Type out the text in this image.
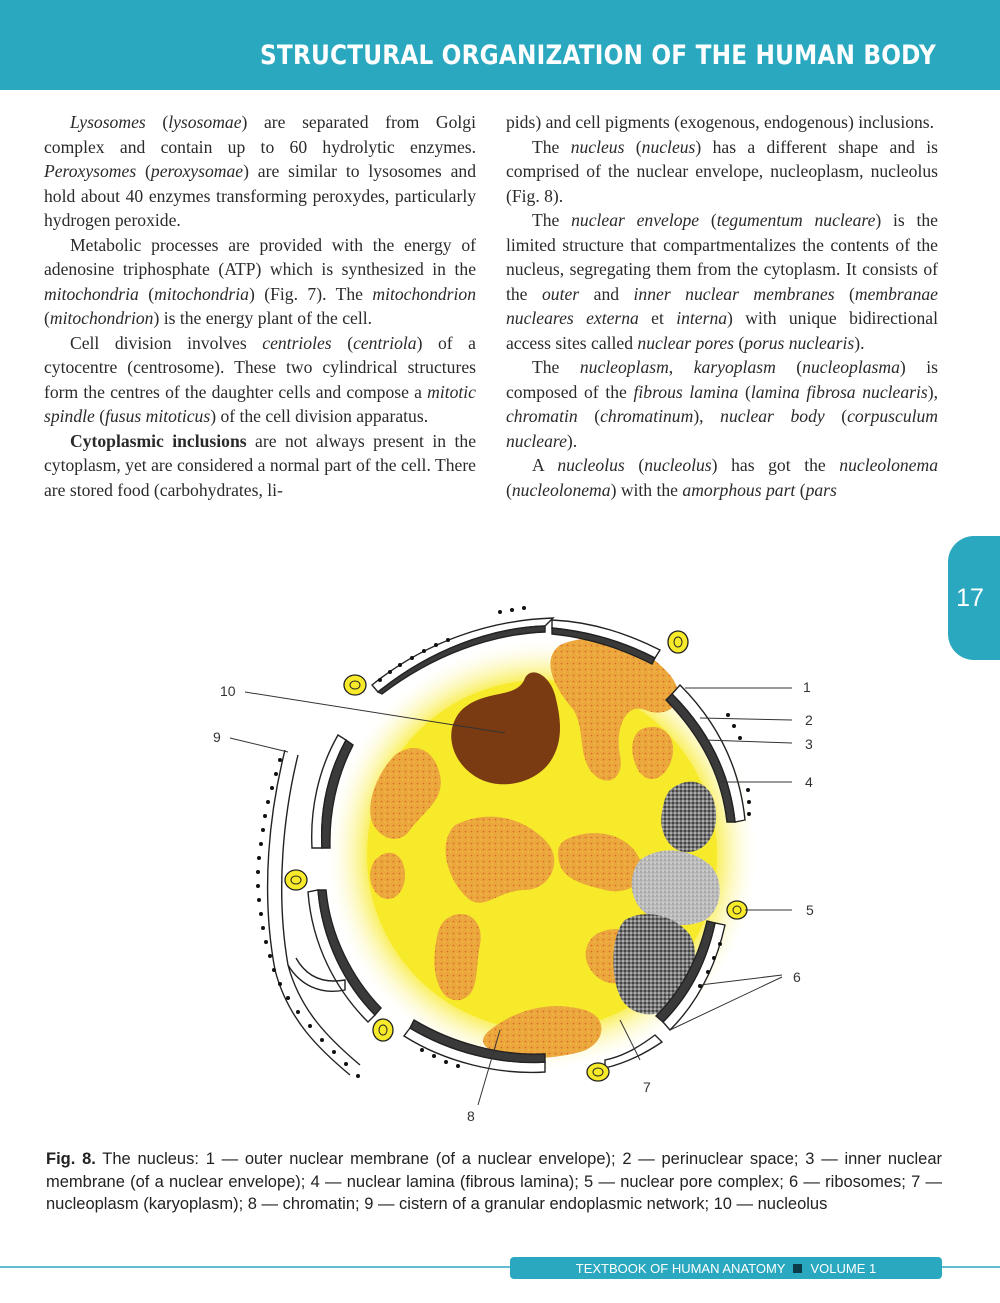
STRUCTURAL ORGANIZATION OF THE HUMAN BODY

Lysosomes (lysosomae) are separated from Golgi complex and contain up to 60 hydrolytic enzymes. Peroxysomes (peroxysomae) are similar to lysosomes and hold about 40 enzymes transforming peroxydes, particularly hydrogen peroxide.

Metabolic processes are provided with the energy of adenosine triphosphate (ATP) which is synthesized in the mitochondria (mitochondria) (Fig. 7). The mitochondrion (mitochondrion) is the energy plant of the cell.

Cell division involves centrioles (centriola) of a cytocentre (centrosome). These two cylindrical structures form the centres of the daughter cells and compose a mitotic spindle (fusus mitoticus) of the cell division apparatus.

Cytoplasmic inclusions are not always present in the cytoplasm, yet are considered a normal part of the cell. There are stored food (carbohydrates, li-

pids) and cell pigments (exogenous, endogenous) inclusions.

The nucleus (nucleus) has a different shape and is comprised of the nuclear envelope, nucleoplasm, nucleolus (Fig. 8).

The nuclear envelope (tegumentum nucleare) is the limited structure that compartmentalizes the contents of the nucleus, segregating them from the cytoplasm. It consists of the outer and inner nuclear membranes (membranae nucleares externa et interna) with unique bidirectional access sites called nuclear pores (porus nuclearis).

The nucleoplasm, karyoplasm (nucleoplasma) is composed of the fibrous lamina (lamina fibrosa nuclearis), chromatin (chromatinum), nuclear body (corpusculum nucleare).

A nucleolus (nucleolus) has got the nucleolonema (nucleolonema) with the amorphous part (pars

17
1
2
3
4
5
6
7
8
9
10
Fig. 8. The nucleus: 1 — outer nuclear membrane (of a nuclear envelope); 2 — perinuclear space; 3 — inner nuclear membrane (of a nuclear envelope); 4 — nuclear lamina (fibrous lamina); 5 — nuclear pore complex; 6 — ribosomes; 7 — nucleoplasm (karyoplasm); 8 — chromatin; 9 — cistern of a granular endoplasmic network; 10 — nucleolus
TEXTBOOK OF HUMAN ANATOMY VOLUME 1
